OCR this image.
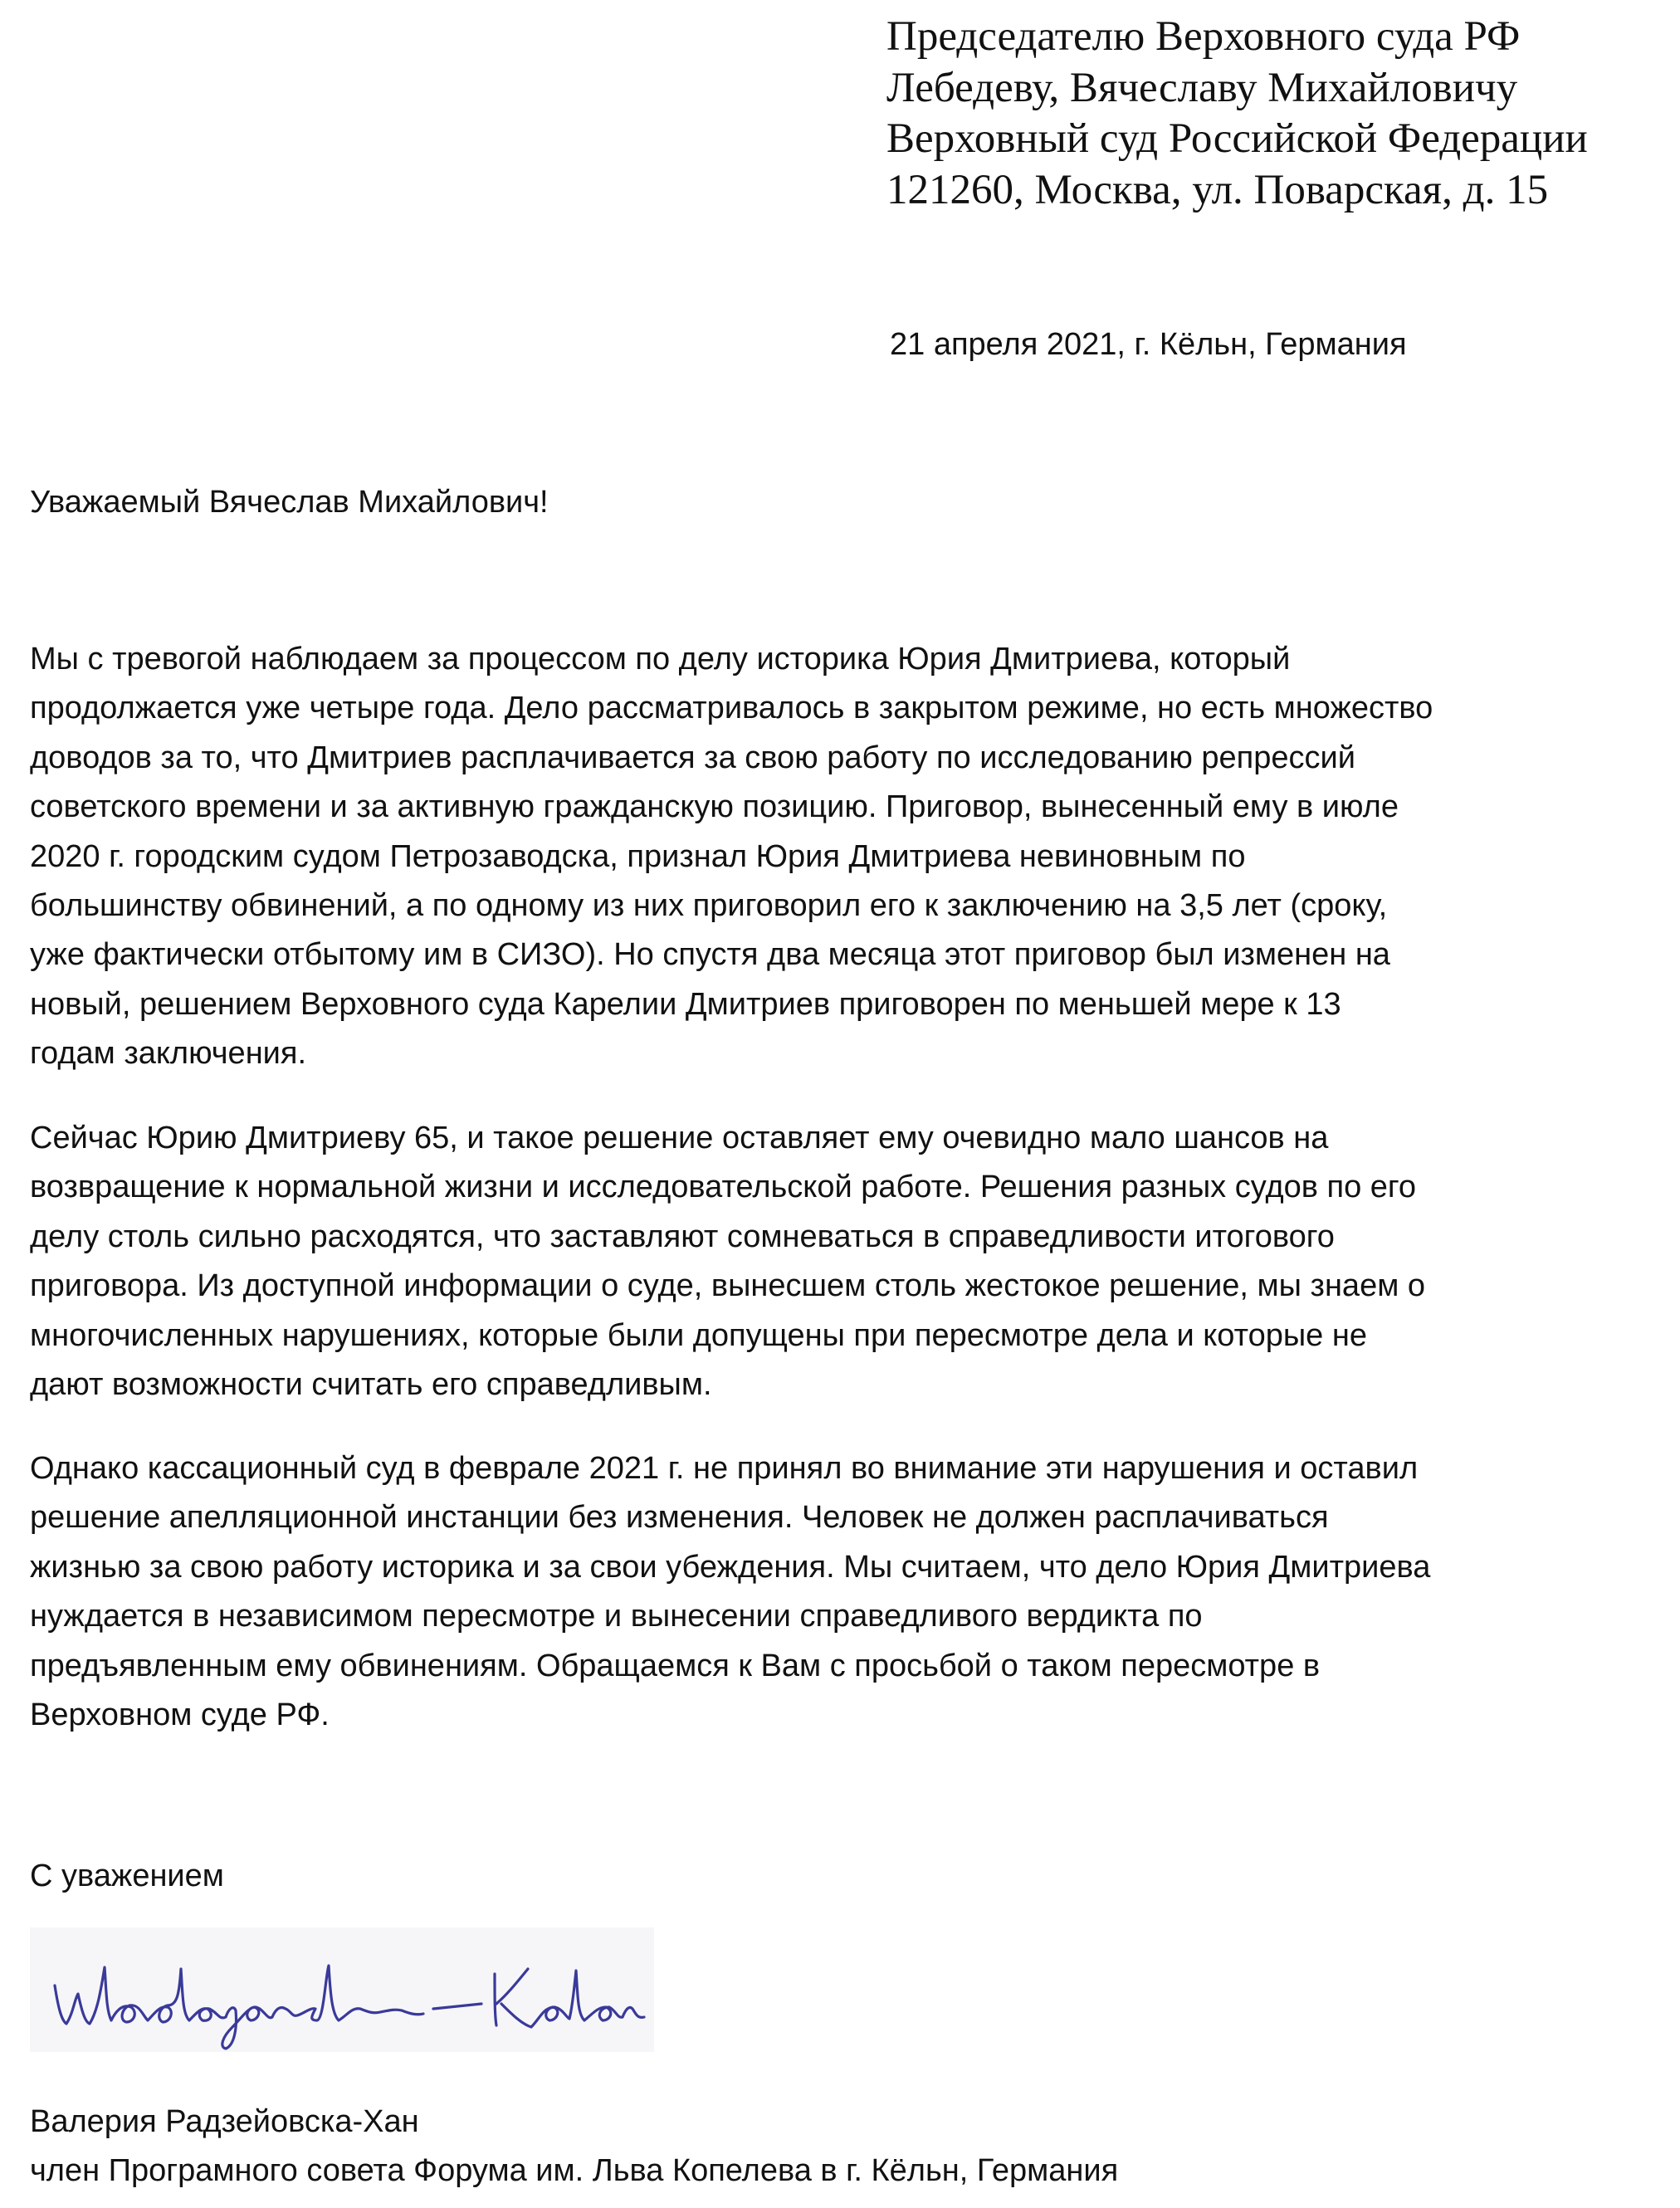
Председателю Верховного суда РФ
Лебедеву, Вячеславу Михайловичу
Верховный суд Российской Федерации
121260, Москва, ул. Поварская, д. 15
21 апреля 2021, г. Кёльн, Германия
Уважаемый Вячеслав Михайлович!
Мы с тревогой наблюдаем за процессом по делу историка Юрия Дмитриева, который
продолжается уже четыре года. Дело рассматривалось в закрытом режиме, но есть множество
доводов за то, что Дмитриев расплачивается за свою работу по исследованию репрессий
советского времени и за активную гражданскую позицию. Приговор, вынесенный ему в июле
2020 г. городским судом Петрозаводска, признал Юрия Дмитриева невиновным по
большинству обвинений, а по одному из них приговорил его к заключению на 3,5 лет (сроку,
уже фактически отбытому им в СИЗО). Но спустя два месяца этот приговор был изменен на
новый, решением Верховного суда Карелии Дмитриев приговорен по меньшей мере к 13
годам заключения.
Сейчас Юрию Дмитриеву 65, и такое решение оставляет ему очевидно мало шансов на
возвращение к нормальной жизни и исследовательской работе. Решения разных судов по его
делу столь сильно расходятся, что заставляют сомневаться в справедливости итогового
приговора. Из доступной информации о суде, вынесшем столь жестокое решение, мы знаем о
многочисленных нарушениях, которые были допущены при пересмотре дела и которые не
дают возможности считать его справедливым.
Однако кассационный суд в феврале 2021 г. не принял во внимание эти нарушения и оставил
решение апелляционной инстанции без изменения. Человек не должен расплачиваться
жизнью за свою работу историка и за свои убеждения. Мы считаем, что дело Юрия Дмитриева
нуждается в независимом пересмотре и вынесении справедливого вердикта по
предъявленным ему обвинениям. Обращаемся к Вам с просьбой о таком пересмотре в
Верховном суде РФ.
С уважением
Валерия Радзейовска-Хан
член Програмного совета Форума им. Льва Копелева в г. Кёльн, Германия
